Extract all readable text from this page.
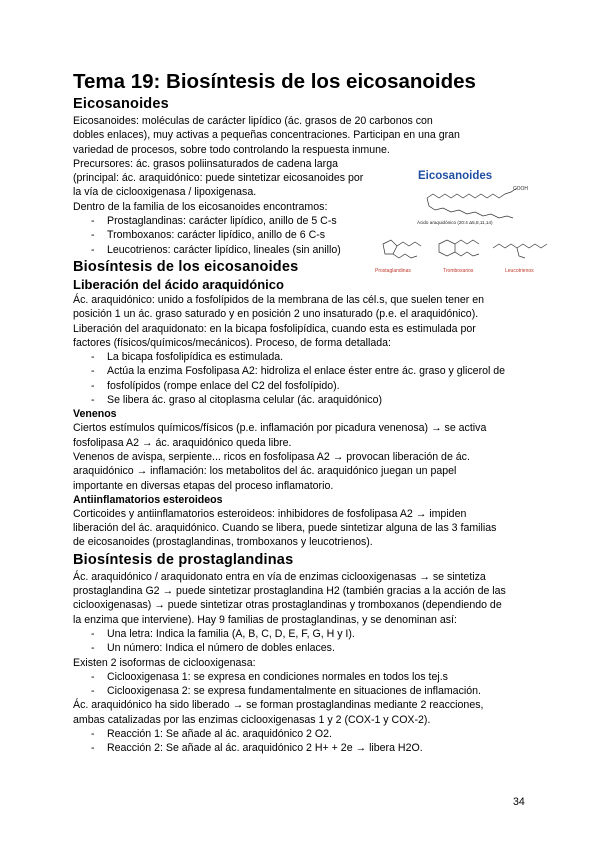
Tema 19: Biosíntesis de los eicosanoides
Eicosanoides

Eicosanoides: moléculas de carácter lipídico (ác. grasos de 20 carbonos con

dobles enlaces), muy activas a pequeñas concentraciones. Participan en una gran

variedad de procesos, sobre todo controlando la respuesta inmune.

Precursores: ác. grasos poliinsaturados de cadena larga

(principal: ác. araquidónico: puede sintetizar eicosanoides por

la vía de ciclooxigenasa / lipoxigenasa.

Dentro de la familia de los eicosanoides encontramos:

- Prostaglandinas: carácter lipídico, anillo de 5 C-s
- Tromboxanos: carácter lipídico, anillo de 6 C-s
- Leucotrienos: carácter lipídico, lineales (sin anillo)
Biosíntesis de los eicosanoides
Liberación del ácido araquidónico

Ác. araquidónico: unido a fosfolípidos de la membrana de las cél.s, que suelen tener en

posición 1 un ác. graso saturado y en posición 2 uno insaturado (p.e. el araquidónico).

Liberación del araquidonato: en la bicapa fosfolipídica, cuando esta es estimulada por

factores (físicos/químicos/mecánicos). Proceso, de forma detallada:

- La bicapa fosfolipídica es estimulada.
- Actúa la enzima Fosfolipasa A2: hidroliza el enlace éster entre ác. graso y glicerol de
- fosfolípidos (rompe enlace del C2 del fosfolípido).
- Se libera ác. graso al citoplasma celular (ác. araquidónico)
Venenos

Ciertos estímulos químicos/físicos (p.e. inflamación por picadura venenosa) → se activa

fosfolipasa A2 → ác. araquidónico queda libre.

Venenos de avispa, serpiente... ricos en fosfolipasa A2 → provocan liberación de ác.

araquidónico → inflamación: los metabolitos del ác. araquidónico juegan un papel

importante en diversas etapas del proceso inflamatorio.

Antiinflamatorios esteroideos

Corticoides y antiinflamatorios esteroideos: inhibidores de fosfolipasa A2 → impiden

liberación del ác. araquidónico. Cuando se libera, puede sintetizar alguna de las 3 familias

de eicosanoides (prostaglandinas, tromboxanos y leucotrienos).

Biosíntesis de prostaglandinas

Ác. araquidónico / araquidonato entra en vía de enzimas ciclooxigenasas → se sintetiza

prostaglandina G2 → puede sintetizar prostaglandina H2 (también gracias a la acción de las

ciclooxigenasas) → puede sintetizar otras prostaglandinas y tromboxanos (dependiendo de

la enzima que interviene). Hay 9 familias de prostaglandinas, y se denominan así:

- Una letra: Indica la familia (A, B, C, D, E, F, G, H y I).
- Un número: Indica el número de dobles enlaces.

Existen 2 isoformas de ciclooxigenasa:

- Ciclooxigenasa 1: se expresa en condiciones normales en todos los tej.s
- Ciclooxigenasa 2: se expresa fundamentalmente en situaciones de inflamación.

Ác. araquidónico ha sido liberado → se forman prostaglandinas mediante 2 reacciones,

ambas catalizadas por las enzimas ciclooxigenasas 1 y 2 (COX-1 y COX-2).

- Reacción 1: Se añade al ác. araquidónico 2 O2.
- Reacción 2: Se añade al ác. araquidónico 2 H+ + 2e → libera H2O.
Eicosanoides
COOH
Ácido araquidónico (20:4 Δ5,8,11,14)
Prostaglandinas	Tromboxanos	Leucotrienos
34
